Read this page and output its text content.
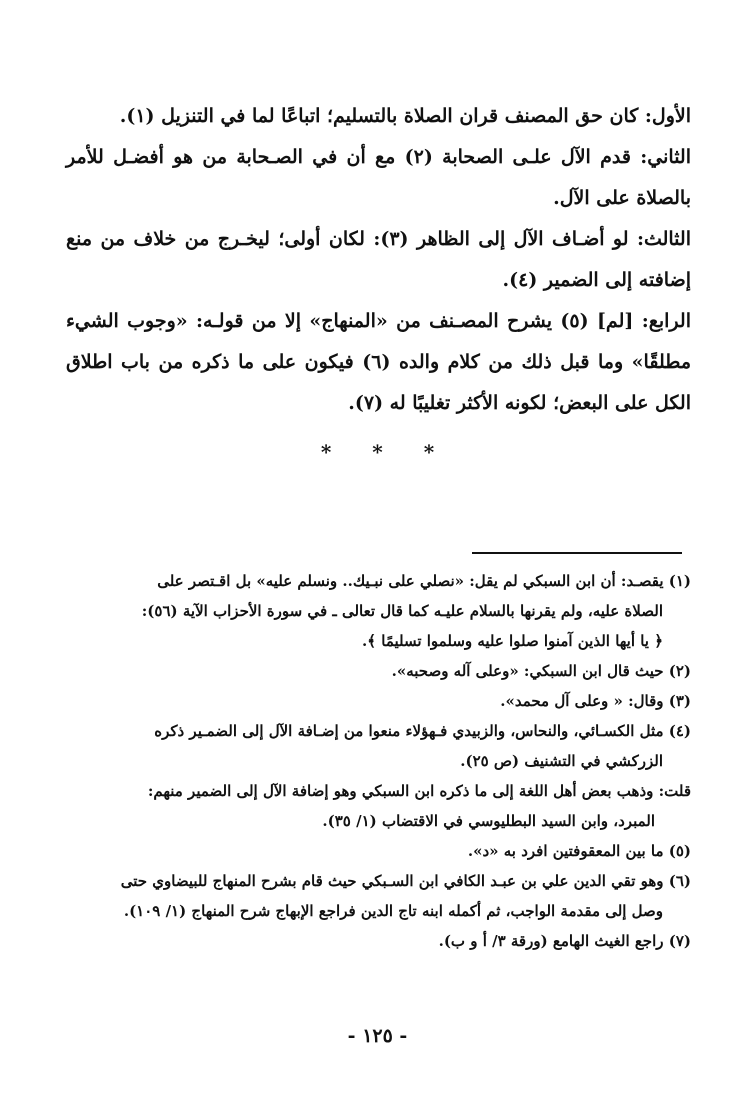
الأول: كان حق المصنف قران الصلاة بالتسليم؛ اتباعًا لما في التنزيل (١).

الثاني: قدم الآل علـى الصحابة (٢) مع أن في الصـحابة من هو أفضـل للأمر بالصلاة على الآل.

الثالث: لو أضـاف الآل إلى الظاهر (٣): لكان أولى؛ ليخـرج من خلاف من منع إضافته إلى الضمير (٤).

الرابع: [لم] (٥) يشرح المصـنف من «المنهاج» إلا من قولـه: «وجوب الشيء مطلقًا» وما قبل ذلك من كلام والده (٦) فيكون على ما ذكره من باب اطلاق الكل على البعض؛ لكونه الأكثر تغليبًا له (٧).

* * *

(١) يقصـد: أن ابن السبكي لم يقل: «نصلي على نبـيك.. ونسلم عليه» بل اقـتصر على
الصلاة عليه، ولم يقرنها بالسلام عليـه كما قال تعالى ـ في سورة الأحزاب الآية (٥٦):
﴿ يا أيها الذين آمنوا صلوا عليه وسلموا تسليمًا ﴾.

(٢) حيث قال ابن السبكي: «وعلى آله وصحبه».

(٣) وقال: « وعلى آل محمد».

(٤) مثل الكسـائي، والنحاس، والزبيدي فـهؤلاء منعوا من إضـافة الآل إلى الضمـير ذكره
الزركشي في التشنيف (ص ٢٥).

قلت: وذهب بعض أهل اللغة إلى ما ذكره ابن السبكي وهو إضافة الآل إلى الضمير منهم:
المبرد، وابن السيد البطليوسي في الاقتضاب (١/ ٣٥).

(٥) ما بين المعقوفتين افرد به «د».

(٦) وهو تقي الدين علي بن عبـد الكافي ابن السـبكي حيث قام بشرح المنهاج للبيضاوي حتى
وصل إلى مقدمة الواجب، ثم أكمله ابنه تاج الدين فراجع الإبهاج شرح المنهاج (١/ ١٠٩).

(٧) راجع الغيث الهامع (ورقة ٣/ أ و ب).

- ١٢٥ -
